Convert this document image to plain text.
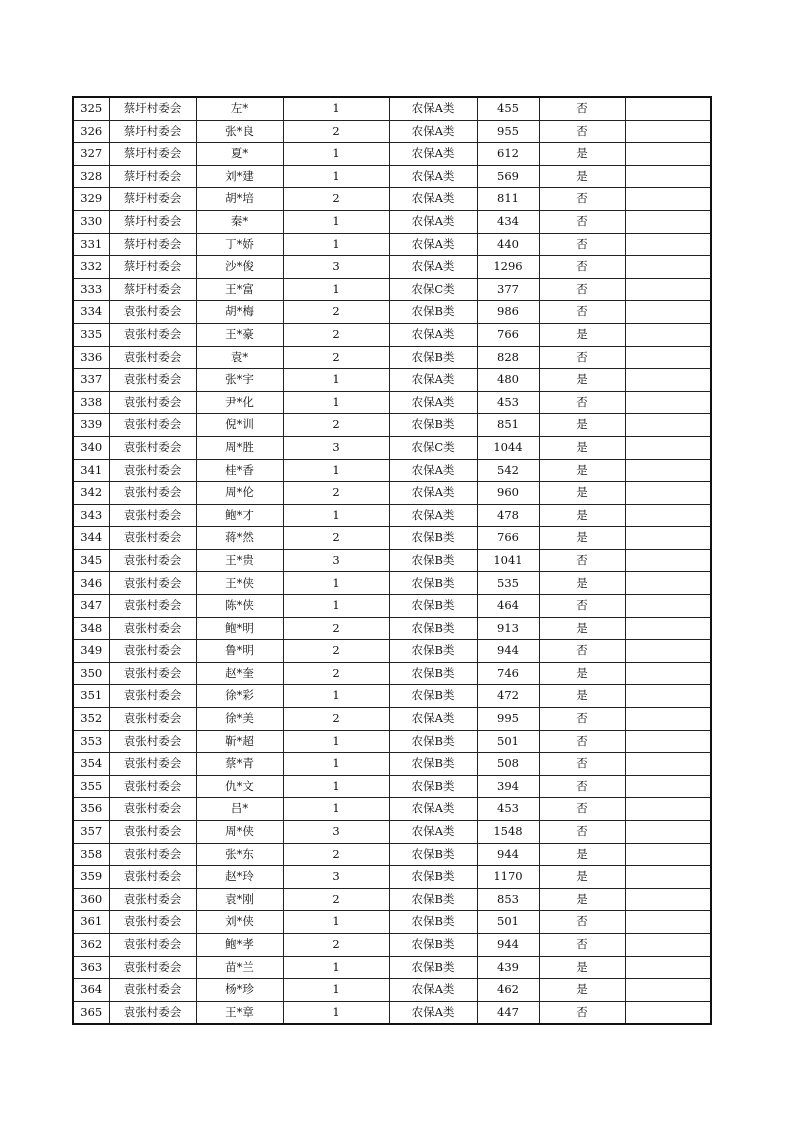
325	蔡圩村委会	左*	1	农保A类	455	否	
326	蔡圩村委会	张*良	2	农保A类	955	否	
327	蔡圩村委会	夏*	1	农保A类	612	是	
328	蔡圩村委会	刘*建	1	农保A类	569	是	
329	蔡圩村委会	胡*培	2	农保A类	811	否	
330	蔡圩村委会	秦*	1	农保A类	434	否	
331	蔡圩村委会	丁*娇	1	农保A类	440	否	
332	蔡圩村委会	沙*俊	3	农保A类	1296	否	
333	蔡圩村委会	王*富	1	农保C类	377	否	
334	袁张村委会	胡*梅	2	农保B类	986	否	
335	袁张村委会	王*豪	2	农保A类	766	是	
336	袁张村委会	袁*	2	农保B类	828	否	
337	袁张村委会	张*宇	1	农保A类	480	是	
338	袁张村委会	尹*化	1	农保A类	453	否	
339	袁张村委会	倪*训	2	农保B类	851	是	
340	袁张村委会	周*胜	3	农保C类	1044	是	
341	袁张村委会	桂*香	1	农保A类	542	是	
342	袁张村委会	周*伦	2	农保A类	960	是	
343	袁张村委会	鲍*才	1	农保A类	478	是	
344	袁张村委会	蒋*然	2	农保B类	766	是	
345	袁张村委会	王*贵	3	农保B类	1041	否	
346	袁张村委会	王*侠	1	农保B类	535	是	
347	袁张村委会	陈*侠	1	农保B类	464	否	
348	袁张村委会	鲍*明	2	农保B类	913	是	
349	袁张村委会	鲁*明	2	农保B类	944	否	
350	袁张村委会	赵*奎	2	农保B类	746	是	
351	袁张村委会	徐*彩	1	农保B类	472	是	
352	袁张村委会	徐*美	2	农保A类	995	否	
353	袁张村委会	靳*超	1	农保B类	501	否	
354	袁张村委会	蔡*青	1	农保B类	508	否	
355	袁张村委会	仇*文	1	农保B类	394	否	
356	袁张村委会	吕*	1	农保A类	453	否	
357	袁张村委会	周*侠	3	农保A类	1548	否	
358	袁张村委会	张*东	2	农保B类	944	是	
359	袁张村委会	赵*玲	3	农保B类	1170	是	
360	袁张村委会	袁*刚	2	农保B类	853	是	
361	袁张村委会	刘*侠	1	农保B类	501	否	
362	袁张村委会	鲍*孝	2	农保B类	944	否	
363	袁张村委会	苗*兰	1	农保B类	439	是	
364	袁张村委会	杨*珍	1	农保A类	462	是	
365	袁张村委会	王*章	1	农保A类	447	否	
